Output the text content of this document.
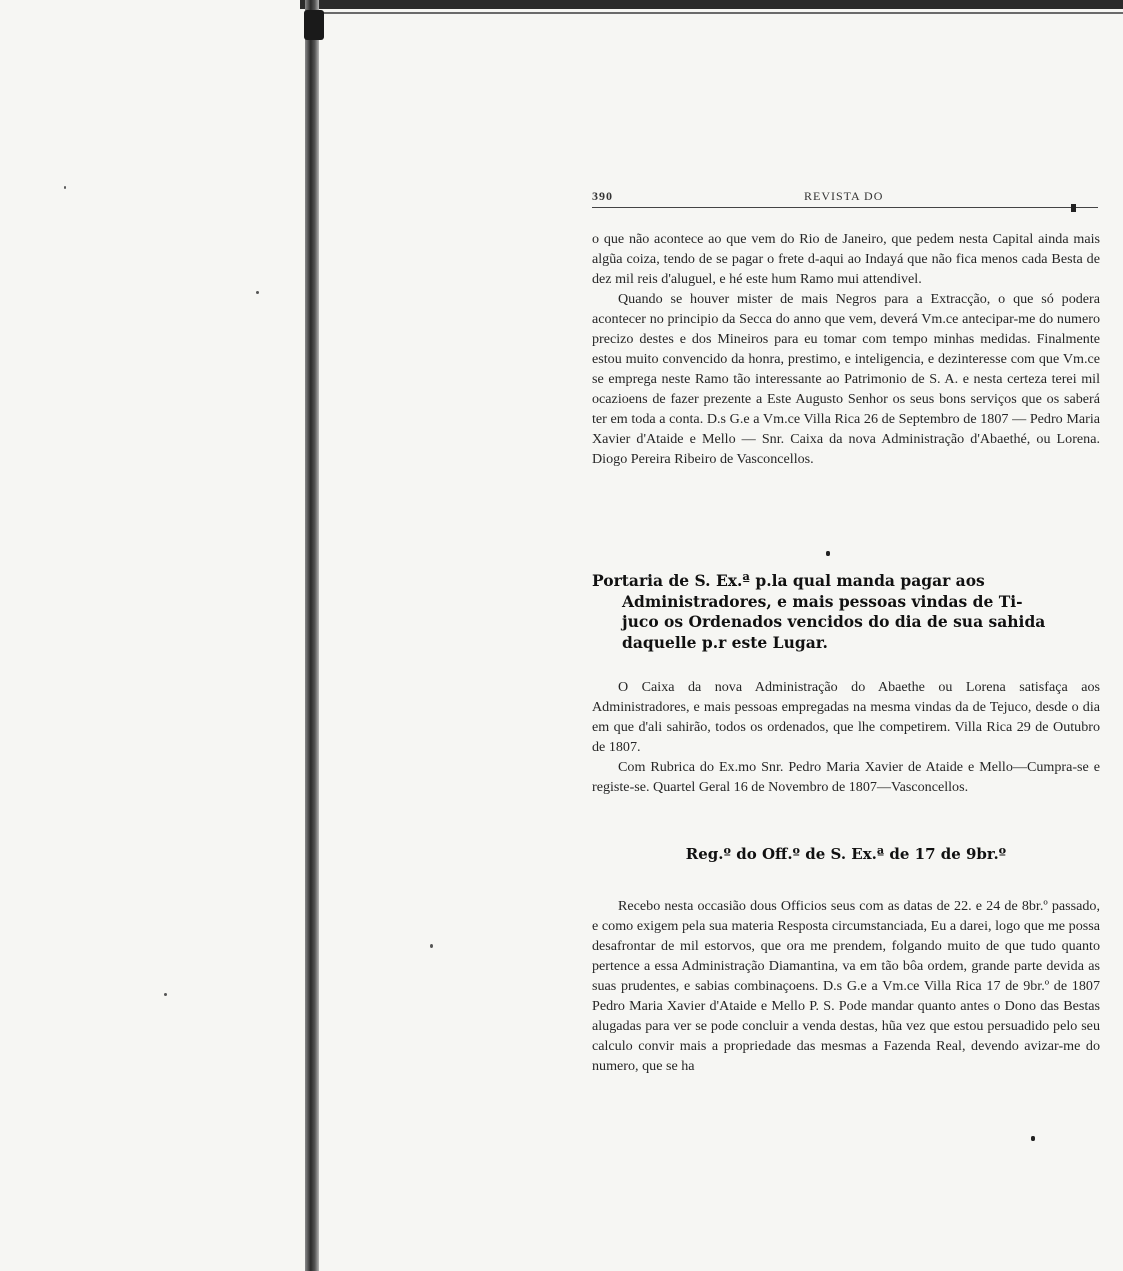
390	REVISTA DO

o que não acontece ao que vem do Rio de Janeiro, que pedem nesta Capital ainda mais algũa coiza, tendo de se pagar o frete d-aqui ao Indayá que não fica menos cada Besta de dez mil reis d'aluguel, e hé este hum Ramo mui attendivel.

Quando se houver mister de mais Negros para a Extracção, o que só podera acontecer no principio da Secca do anno que vem, deverá Vm.ce antecipar-me do numero precizo destes e dos Mineiros para eu tomar com tempo minhas medidas. Finalmente estou muito convencido da honra, prestimo, e inteligencia, e dezinteresse com que Vm.ce se emprega neste Ramo tão interessante ao Patrimonio de S. A. e nesta certeza terei mil ocazioens de fazer prezente a Este Augusto Senhor os seus bons serviços que os saberá ter em toda a conta. D.s G.e a Vm.ce Villa Rica 26 de Septembro de 1807 — Pedro Maria Xavier d'Ataide e Mello — Snr. Caixa da nova Administração d'Abaethé, ou Lorena. Diogo Pereira Ribeiro de Vasconcellos.

Portaria de S. Ex.ª p.la qual manda pagar aos
Administradores, e mais pessoas vindas de Ti-
juco os Ordenados vencidos do dia de sua sahida
daquelle p.r este Lugar.

O Caixa da nova Administração do Abaethe ou Lorena satisfaça aos Administradores, e mais pessoas empregadas na mesma vindas da de Tejuco, desde o dia em que d'ali sahirão, todos os ordenados, que lhe competirem. Villa Rica 29 de Outubro de 1807.

Com Rubrica do Ex.mo Snr. Pedro Maria Xavier de Ataide e Mello—Cumpra-se e registe-se. Quartel Geral 16 de Novembro de 1807—Vasconcellos.

Reg.º do Off.º de S. Ex.ª de 17 de 9br.º

Recebo nesta occasião dous Officios seus com as datas de 22. e 24 de 8br.º passado, e como exigem pela sua materia Resposta circumstanciada, Eu a darei, logo que me possa desafrontar de mil estorvos, que ora me prendem, folgando muito de que tudo quanto pertence a essa Administração Diamantina, va em tão bôa ordem, grande parte devida as suas prudentes, e sabias combinaçoens. D.s G.e a Vm.ce Villa Rica 17 de 9br.º de 1807 Pedro Maria Xavier d'Ataide e Mello P. S. Pode mandar quanto antes o Dono das Bestas alugadas para ver se pode concluir a venda destas, hũa vez que estou persuadido pelo seu calculo convir mais a propriedade das mesmas a Fazenda Real, devendo avizar-me do numero, que se ha
